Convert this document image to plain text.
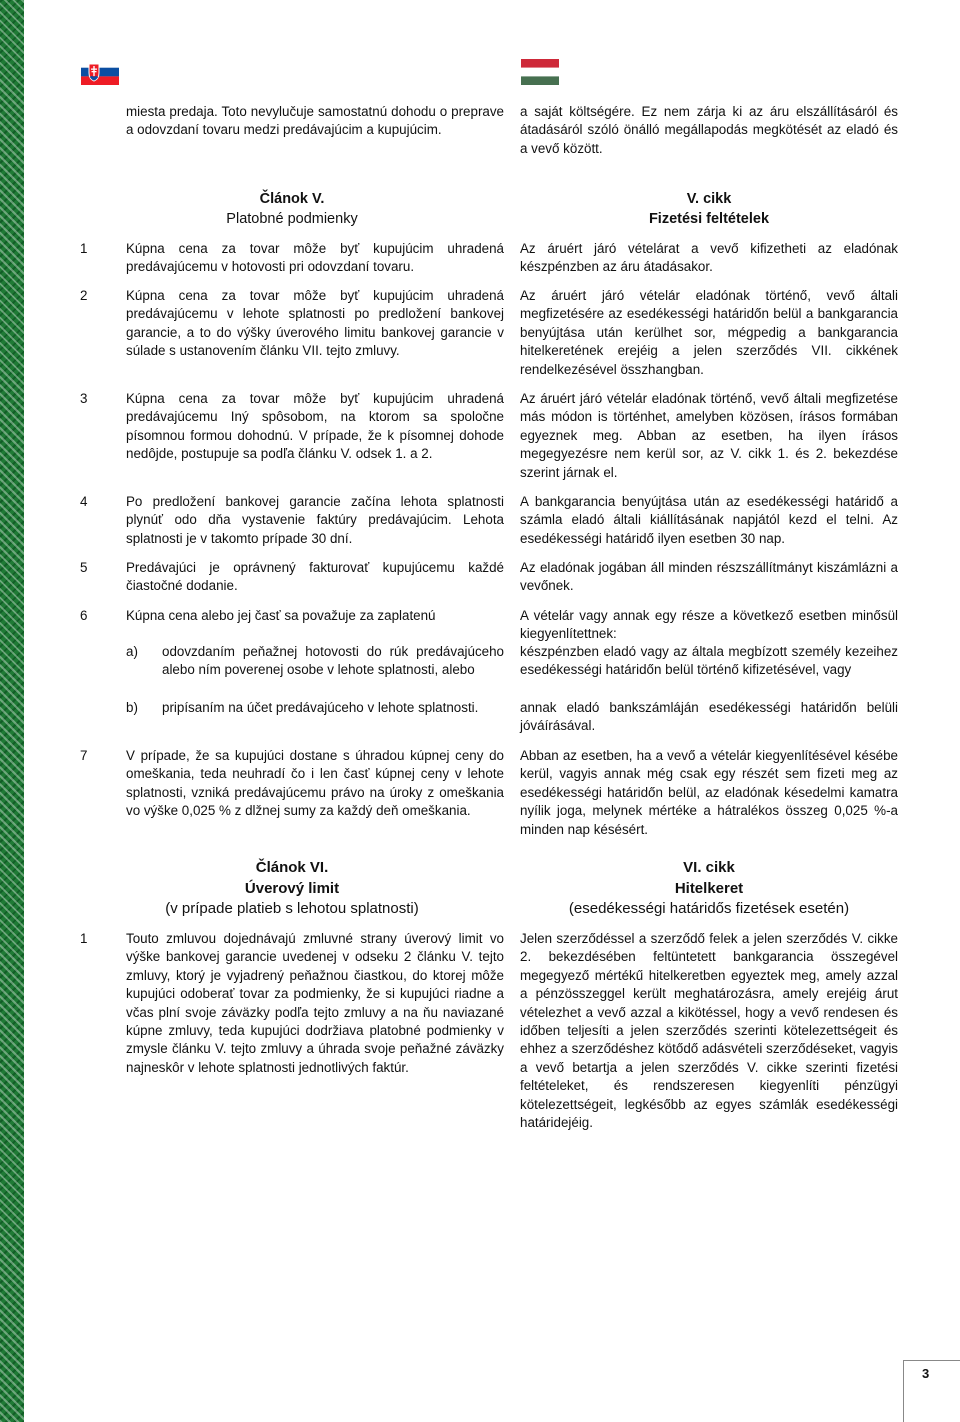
miesta predaja. Toto nevylučuje samostatnú dohodu o preprave a odovzdaní tovaru medzi predávajúcim a kupujúcim.

a saját költségére. Ez nem zárja ki az áru elszállításáról és átadásáról szóló önálló megállapodás megkötését az eladó és a vevő között.

Článok V.
Platobné podmienky
V. cikk
Fizetési feltételek
1	Kúpna cena za tovar môže byť kupujúcim uhradená predávajúcemu v hotovosti pri odovzdaní tovaru.

Az áruért járó vételárat a vevő kifizetheti az eladónak készpénzben az áru átadásakor.

2	Kúpna cena za tovar môže byť kupujúcim uhradená predávajúcemu v lehote splatnosti po predložení bankovej garancie, a to do výšky úverového limitu bankovej garancie v súlade s ustanovením článku VII. tejto zmluvy.

Az áruért járó vételár eladónak történő, vevő általi megfizetésére az esedékességi határidőn belül a bankgarancia benyújtása után kerülhet sor, mégpedig a bankgarancia hitelkeretének erejéig a jelen szerződés VII. cikkének rendelkezésével összhangban.

3	Kúpna cena za tovar môže byť kupujúcim uhradená predávajúcemu Iný spôsobom, na ktorom sa spoločne písomnou formou dohodnú. V prípade, že k písomnej dohode nedôjde, postupuje sa podľa článku V. odsek 1. a 2.

Az áruért járó vételár eladónak történő, vevő általi megfizetése más módon is történhet, amelyben közösen, írásos formában egyeznek meg. Abban az esetben, ha ilyen írásos megegyezésre nem kerül sor, az V. cikk 1. és 2. bekezdése szerint járnak el.

4	Po predložení bankovej garancie začína lehota splatnosti plynúť odo dňa vystavenie faktúry predávajúcim. Lehota splatnosti je v takomto prípade 30 dní.

A bankgarancia benyújtása után az esedékességi határidő a számla eladó általi kiállításának napjától kezd el telni. Az esedékességi határidő ilyen esetben 30 nap.

5	Predávajúci je oprávnený fakturovať kupujúcemu každé čiastočné dodanie.

Az eladónak jogában áll minden részszállítmányt kiszámlázni a vevőnek.

6	Kúpna cena alebo jej časť sa považuje za zaplatenú	A vételár vagy annak egy része a következő esetben minősül kiegyenlítettnek:

a) odovzdaním peňažnej hotovosti do rúk predávajúceho alebo ním poverenej osobe v lehote splatnosti, alebo

készpénzben eladó vagy az általa megbízott személy kezeihez esedékességi határidőn belül történő kifizetésével, vagy

b) pripísaním na účet predávajúceho v lehote splatnosti.	annak eladó bankszámláján esedékességi határidőn belüli jóváírásával.

7	V prípade, že sa kupujúci dostane s úhradou kúpnej ceny do omeškania, teda neuhradí čo i len časť kúpnej ceny v lehote splatnosti, vzniká predávajúcemu právo na úroky z omeškania vo výške 0,025 % z dlžnej sumy za každý deň omeškania.

Abban az esetben, ha a vevő a vételár kiegyenlítésével késébe kerül, vagyis annak még csak egy részét sem fizeti meg az esedékességi határidőn belül, az eladónak késedelmi kamatra nyílik joga, melynek mértéke a hátralékos összeg 0,025 %-a minden nap késésért.

Článok VI.
Úverový limit
(v prípade platieb s lehotou splatnosti)
VI. cikk
Hitelkeret
(esedékességi határidős fizetések esetén)
1	Touto zmluvou dojednávajú zmluvné strany úverový limit vo výške bankovej garancie uvedenej v odseku 2 článku V. tejto zmluvy, ktorý je vyjadrený peňažnou čiastkou, do ktorej môže kupujúci odoberať tovar za podmienky, že si kupujúci riadne a včas plní svoje záväzky podľa tejto zmluvy a na ňu naviazané kúpne zmluvy, teda kupujúci dodržiava platobné podmienky v zmysle článku V. tejto zmluvy a úhrada svoje peňažné záväzky najneskôr v lehote splatnosti jednotlivých faktúr.

Jelen szerződéssel a szerződő felek a jelen szerződés V. cikke 2. bekezdésében feltüntetett bankgarancia összegével megegyező mértékű hitelkeretben egyeztek meg, amely azzal a pénzösszeggel került meghatározásra, amely erejéig árut vételezhet a vevő azzal a kikötéssel, hogy a vevő rendesen és időben teljesíti a jelen szerződés szerinti kötelezettségeit és ehhez a szerződéshez kötődő adásvételi szerződéseket, vagyis a vevő betartja a jelen szerződés V. cikke szerinti fizetési feltételeket, és rendszeresen kiegyenlíti pénzügyi kötelezettségeit, legkésőbb az egyes számlák esedékességi határidejéig.

3
